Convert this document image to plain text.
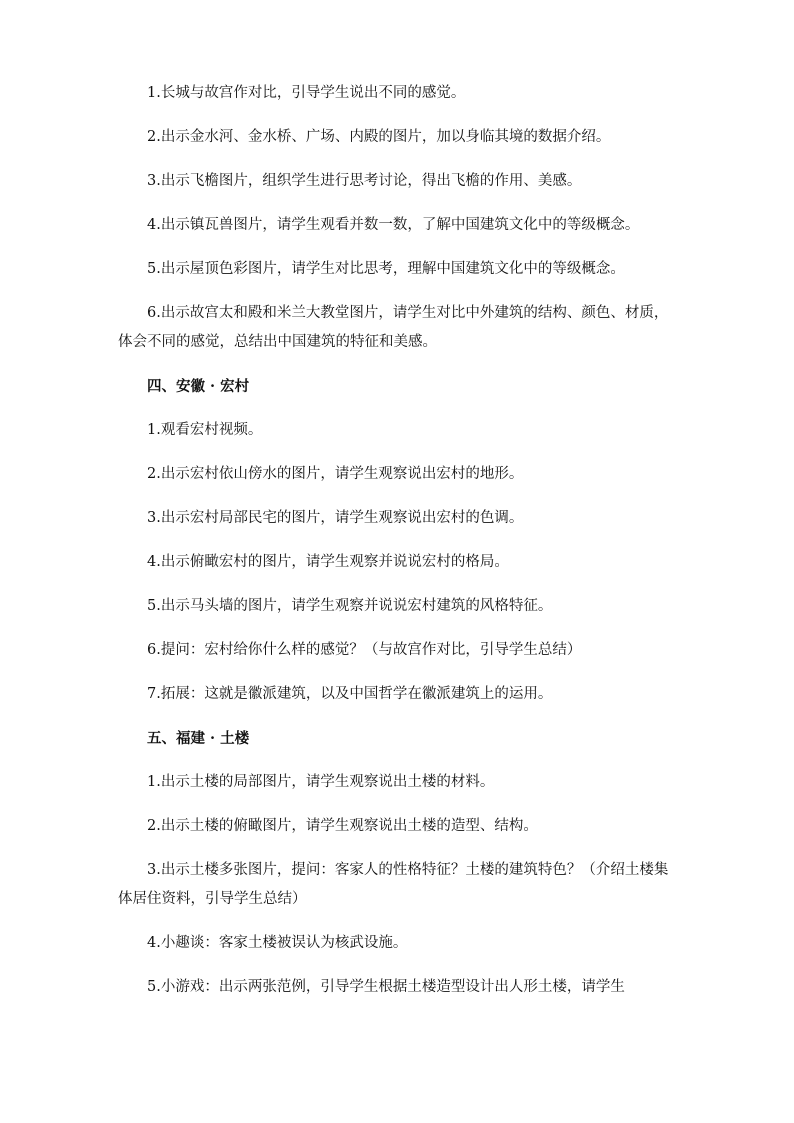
1.长城与故宫作对比，引导学生说出不同的感觉。

2.出示金水河、金水桥、广场、内殿的图片，加以身临其境的数据介绍。

3.出示飞檐图片，组织学生进行思考讨论，得出飞檐的作用、美感。

4.出示镇瓦兽图片，请学生观看并数一数，了解中国建筑文化中的等级概念。

5.出示屋顶色彩图片，请学生对比思考，理解中国建筑文化中的等级概念。

6.出示故宫太和殿和米兰大教堂图片，请学生对比中外建筑的结构、颜色、材质，体会不同的感觉，总结出中国建筑的特征和美感。

四、安徽 · 宏村

1.观看宏村视频。

2.出示宏村依山傍水的图片，请学生观察说出宏村的地形。

3.出示宏村局部民宅的图片，请学生观察说出宏村的色调。

4.出示俯瞰宏村的图片，请学生观察并说说宏村的格局。

5.出示马头墙的图片，请学生观察并说说宏村建筑的风格特征。

6.提问：宏村给你什么样的感觉？（与故宫作对比，引导学生总结）

7.拓展：这就是徽派建筑，以及中国哲学在徽派建筑上的运用。

五、福建 · 土楼

1.出示土楼的局部图片，请学生观察说出土楼的材料。

2.出示土楼的俯瞰图片，请学生观察说出土楼的造型、结构。

3.出示土楼多张图片，提问：客家人的性格特征？土楼的建筑特色？（介绍土楼集体居住资料，引导学生总结）

4.小趣谈：客家土楼被误认为核武设施。

5.小游戏：出示两张范例，引导学生根据土楼造型设计出人形土楼，请学生
